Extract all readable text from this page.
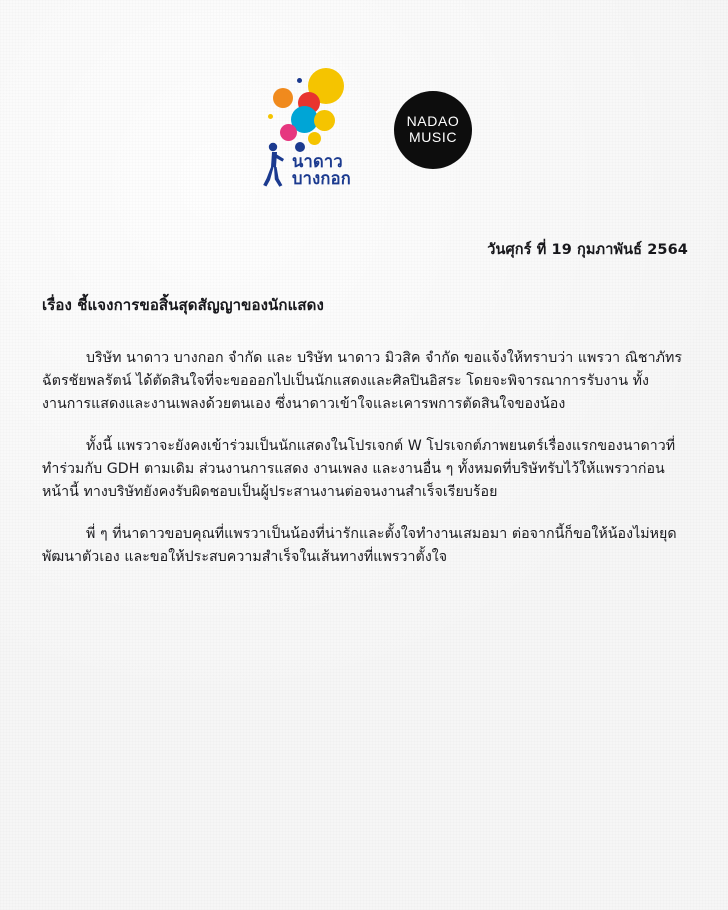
นาดาว
บางกอก
NADAO
MUSIC

วันศุกร์ ที่ 19 กุมภาพันธ์ 2564

เรื่อง ชี้แจงการขอสิ้นสุดสัญญาของนักแสดง

บริษัท นาดาว บางกอก จำกัด และ บริษัท นาดาว มิวสิค จำกัด ขอแจ้งให้ทราบว่า แพรวา ณิชาภัทร ฉัตรชัยพลรัตน์ ได้ตัดสินใจที่จะขอออกไปเป็นนักแสดงและศิลปินอิสระ โดยจะพิจารณาการรับงาน ทั้งงานการแสดงและงานเพลงด้วยตนเอง ซึ่งนาดาวเข้าใจและเคารพการตัดสินใจของน้อง

ทั้งนี้ แพรวาจะยังคงเข้าร่วมเป็นนักแสดงในโปรเจกต์ W โปรเจกต์ภาพยนตร์เรื่องแรกของนาดาวที่ทำร่วมกับ GDH ตามเดิม ส่วนงานการแสดง งานเพลง และงานอื่น ๆ ทั้งหมดที่บริษัทรับไว้ให้แพรวาก่อนหน้านี้ ทางบริษัทยังคงรับผิดชอบเป็นผู้ประสานงานต่อจนงานสำเร็จเรียบร้อย

พี่ ๆ ที่นาดาวขอบคุณที่แพรวาเป็นน้องที่น่ารักและตั้งใจทำงานเสมอมา ต่อจากนี้ก็ขอให้น้องไม่หยุดพัฒนาตัวเอง และขอให้ประสบความสำเร็จในเส้นทางที่แพรวาตั้งใจ
